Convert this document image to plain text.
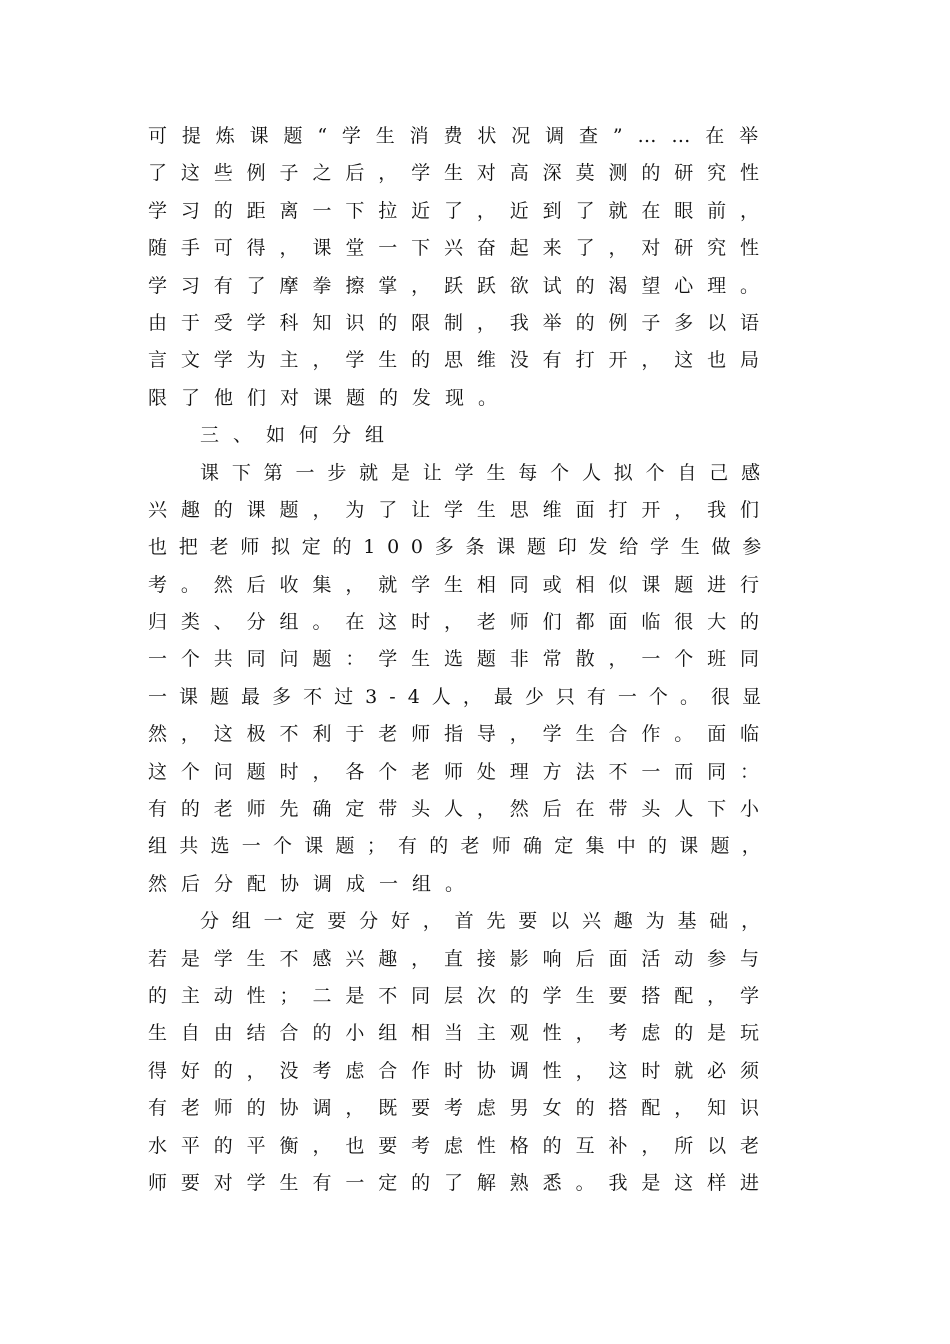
可提炼课题“学生消费状况调查”……在举
了这些例子之后，学生对高深莫测的研究性
学习的距离一下拉近了，近到了就在眼前，
随手可得，课堂一下兴奋起来了，对研究性
学习有了摩拳擦掌，跃跃欲试的渴望心理。
由于受学科知识的限制，我举的例子多以语
言文学为主，学生的思维没有打开，这也局
限了他们对课题的发现。
三、如何分组
课下第一步就是让学生每个人拟个自己感
兴趣的课题，为了让学生思维面打开，我们
也把老师拟定的100多条课题印发给学生做参
考。然后收集，就学生相同或相似课题进行
归类、分组。在这时，老师们都面临很大的
一个共同问题：学生选题非常散，一个班同
一课题最多不过3-4人，最少只有一个。很显
然，这极不利于老师指导，学生合作。面临
这个问题时，各个老师处理方法不一而同：
有的老师先确定带头人，然后在带头人下小
组共选一个课题；有的老师确定集中的课题，
然后分配协调成一组。
分组一定要分好，首先要以兴趣为基础，
若是学生不感兴趣，直接影响后面活动参与
的主动性；二是不同层次的学生要搭配，学
生自由结合的小组相当主观性，考虑的是玩
得好的，没考虑合作时协调性，这时就必须
有老师的协调，既要考虑男女的搭配，知识
水平的平衡，也要考虑性格的互补，所以老
师要对学生有一定的了解熟悉。我是这样进
